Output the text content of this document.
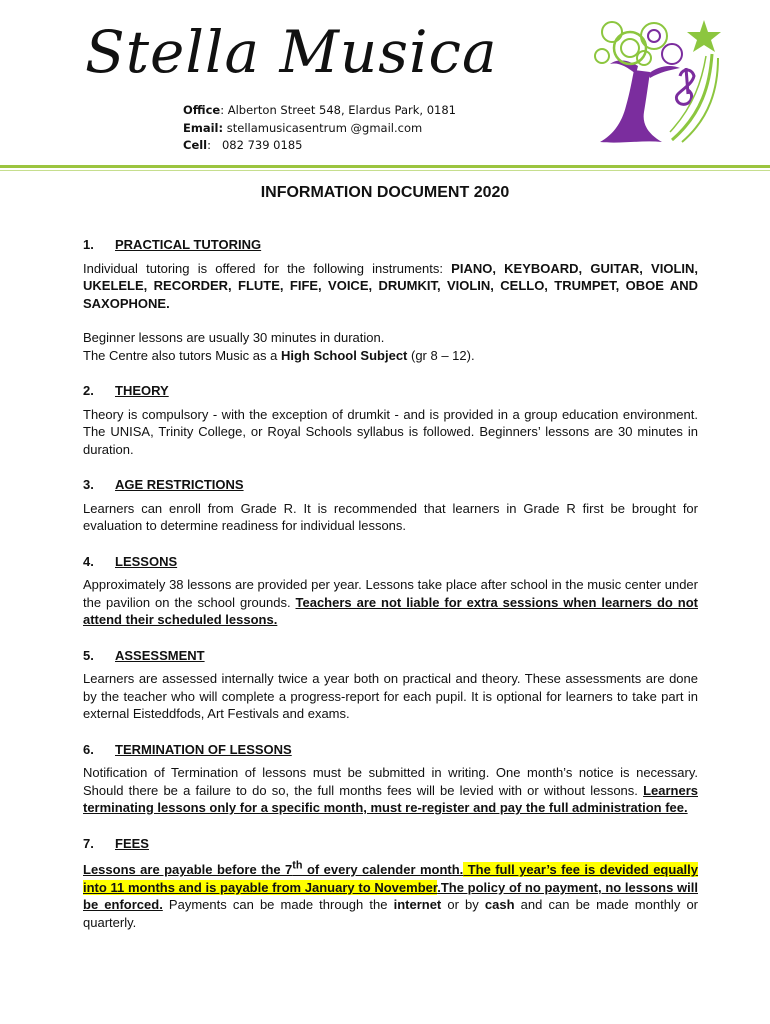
Stella Musica
Office: Alberton Street 548, Elardus Park, 0181
Email: stellamusicasentrum @gmail.com
Cell:   082 739 0185
INFORMATION DOCUMENT 2020
1.	PRACTICAL TUTORING

Individual tutoring is offered for the following instruments: PIANO, KEYBOARD, GUITAR, VIOLIN, UKELELE, RECORDER, FLUTE, FIFE, VOICE, DRUMKIT, VIOLIN, CELLO, TRUMPET, OBOE AND SAXOPHONE.

Beginner lessons are usually 30 minutes in duration.

The Centre also tutors Music as a High School Subject (gr 8 – 12).

2.	THEORY

Theory is compulsory - with the exception of drumkit - and is provided in a group education environment. The UNISA, Trinity College, or Royal Schools syllabus is followed. Beginners’ lessons are 30 minutes in duration.

3.	AGE RESTRICTIONS

Learners can enroll from Grade R. It is recommended that learners in Grade R first be brought for evaluation to determine readiness for individual lessons.

4.	LESSONS

Approximately 38 lessons are provided per year. Lessons take place after school in the music center under the pavilion on the school grounds. Teachers are not liable for extra sessions when learners do not attend their scheduled lessons.

5.	ASSESSMENT

Learners are assessed internally twice a year both on practical and theory. These assessments are done by the teacher who will complete a progress-report for each pupil. It is optional for learners to take part in external Eisteddfods, Art Festivals and exams.

6.	TERMINATION OF LESSONS

Notification of Termination of lessons must be submitted in writing. One month’s notice is necessary. Should there be a failure to do so, the full months fees will be levied with or without lessons. Learners terminating lessons only for a specific month, must re-register and pay the full administration fee.

7.	FEES

Lessons are payable before the 7th of every calender month. The full year’s fee is devided equally into 11 months and is payable from January to November.The policy of no payment, no lessons will be enforced. Payments can be made through the internet or by cash and can be made monthly or quarterly.
